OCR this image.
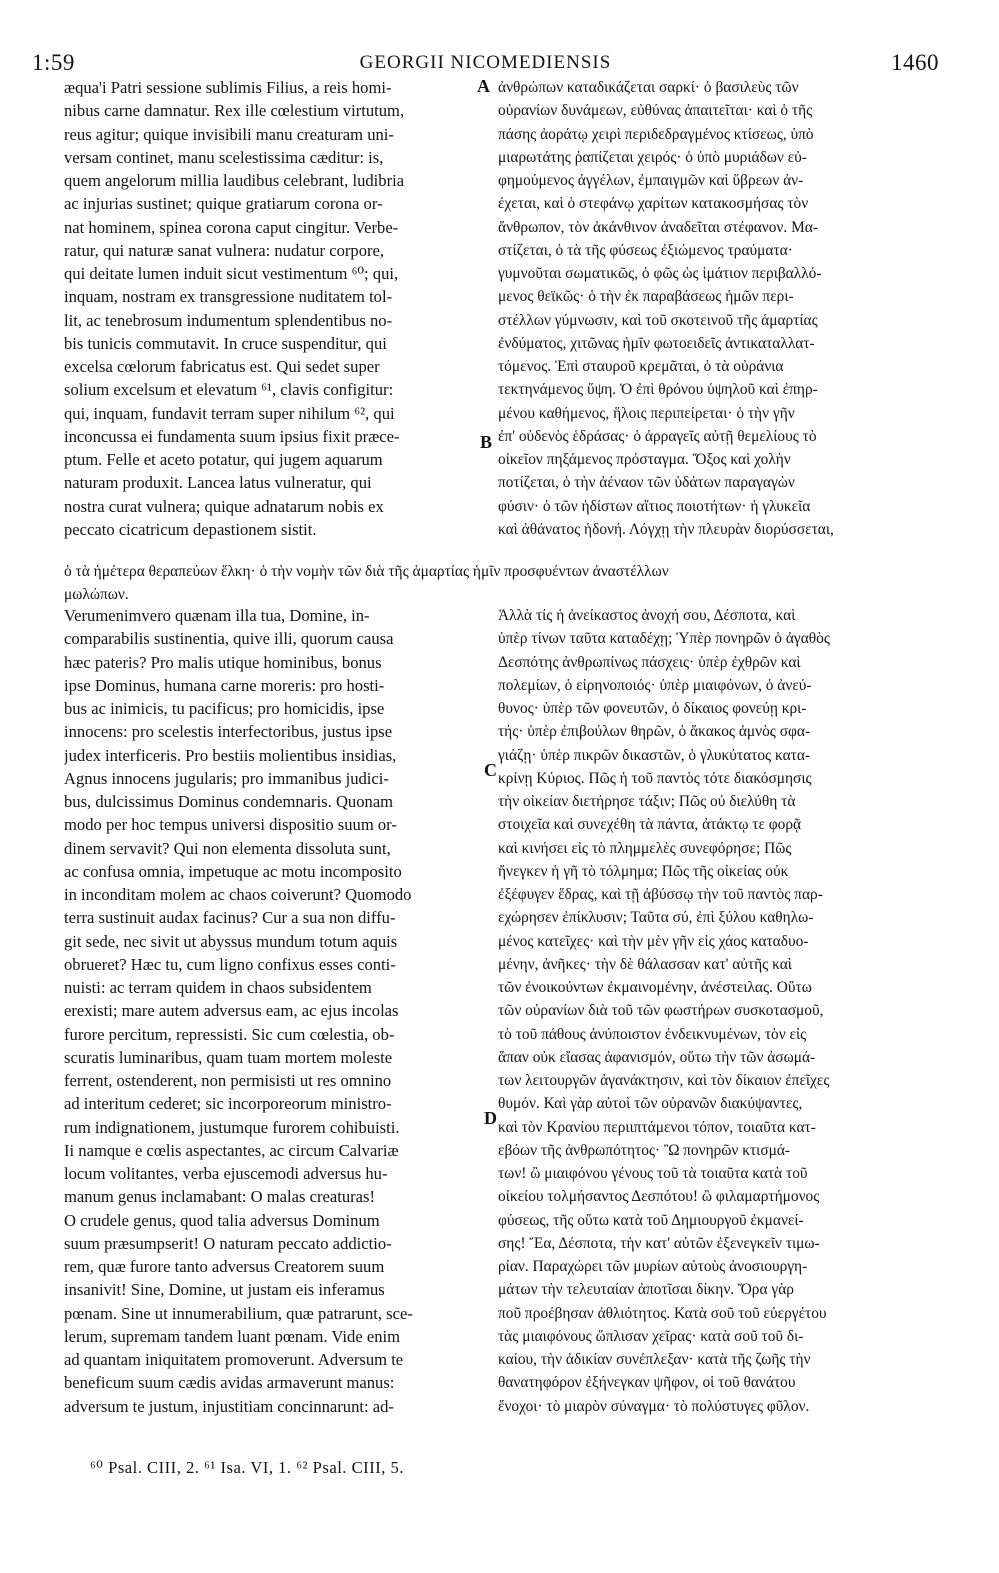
1:59	GEORGII NICOMEDIENSIS	1460
A
B
C
D
æqua'i Patri sessione sublimis Filius, a reis homi-
nibus carne damnatur. Rex ille cœlestium virtutum,
reus agitur; quique invisibili manu creaturam uni-
versam continet, manu scelestissima cæditur: is,
quem angelorum millia laudibus celebrant, ludibria
ac injurias sustinet; quique gratiarum corona or-
nat hominem, spinea corona caput cingitur. Verbe-
ratur, qui naturæ sanat vulnera: nudatur corpore,
qui deitate lumen induit sicut vestimentum ⁶⁰; qui,
inquam, nostram ex transgressione nuditatem tol-
lit, ac tenebrosum indumentum splendentibus no-
bis tunicis commutavit. In cruce suspenditur, qui
excelsa cœlorum fabricatus est. Qui sedet super
solium excelsum et elevatum ⁶¹, clavis configitur:
qui, inquam, fundavit terram super nihilum ⁶², qui
inconcussa ei fundamenta suum ipsius fixit præce-
ptum. Felle et aceto potatur, qui jugem aquarum
naturam produxit. Lancea latus vulneratur, qui
nostra curat vulnera; quique adnatarum nobis ex
peccato cicatricum depastionem sistit.
ἀνθρώπων καταδικάζεται σαρκί· ὁ βασιλεὺς τῶν
οὐρανίων δυνάμεων, εὐθύνας ἀπαιτεῖται· καὶ ὁ τῆς
πάσης ἀοράτῳ χειρὶ περιδεδραγμένος κτίσεως, ὑπὸ
μιαρωτάτης ῥαπίζεται χειρός· ὁ ὑπὸ μυριάδων εὐ-
φημούμενος ἀγγέλων, ἐμπαιγμῶν καὶ ὕβρεων ἀν-
έχεται, καὶ ὁ στεφάνῳ χαρίτων κατακοσμήσας τὸν
ἄνθρωπον, τὸν ἀκάνθινον ἀναδεῖται στέφανον. Μα-
στίζεται, ὁ τὰ τῆς φύσεως ἐξιώμενος τραύματα·
γυμνοῦται σωματικῶς, ὁ φῶς ὡς ἱμάτιον περιβαλλό-
μενος θεϊκῶς· ὁ τὴν ἐκ παραβάσεως ἡμῶν περι-
στέλλων γύμνωσιν, καὶ τοῦ σκοτεινοῦ τῆς ἁμαρτίας
ἐνδύματος, χιτῶνας ἡμῖν φωτοειδεῖς ἀντικαταλλατ-
τόμενος. Ἐπὶ σταυροῦ κρεμᾶται, ὁ τὰ οὐράνια
τεκτηνάμενος ὕψη. Ὁ ἐπὶ θρόνου ὑψηλοῦ καὶ ἐπηρ-
μένου καθήμενος, ἥλοις περιπείρεται· ὁ τὴν γῆν
ἐπ' οὐδενὸς ἑδράσας· ὁ ἀρραγεῖς αὐτῇ θεμελίους τὸ
οἰκεῖον πηξάμενος πρόσταγμα. Ὄξος καὶ χολὴν
ποτίζεται, ὁ τὴν ἀέναον τῶν ὑδάτων παραγαγὼν
φύσιν· ὁ τῶν ἡδίστων αἴτιος ποιοτήτων· ἡ γλυκεῖα
καὶ ἀθάνατος ἡδονή. Λόγχῃ τὴν πλευρὰν διορύσσεται,
ὁ τὰ ἡμέτερα θεραπεύων ἕλκη· ὁ τὴν νομὴν τῶν διὰ τῆς ἁμαρτίας ἡμῖν προσφυέντων ἀναστέλλων
μωλώπων.
Verumenimvero quænam illa tua, Domine, in-
comparabilis sustinentia, quive illi, quorum causa
hæc pateris? Pro malis utique hominibus, bonus
ipse Dominus, humana carne moreris: pro hosti-
bus ac inimicis, tu pacificus; pro homicidis, ipse
innocens: pro scelestis interfectoribus, justus ipse
judex interficeris. Pro bestiis molientibus insidias,
Agnus innocens jugularis; pro immanibus judici-
bus, dulcissimus Dominus condemnaris. Quonam
modo per hoc tempus universi dispositio suum or-
dinem servavit? Qui non elementa dissoluta sunt,
ac confusa omnia, impetuque ac motu incomposito
in inconditam molem ac chaos coiverunt? Quomodo
terra sustinuit audax facinus? Cur a sua non diffu-
git sede, nec sivit ut abyssus mundum totum aquis
obrueret? Hæc tu, cum ligno confixus esses conti-
nuisti: ac terram quidem in chaos subsidentem
erexisti; mare autem adversus eam, ac ejus incolas
furore percitum, repressisti. Sic cum cœlestia, ob-
scuratis luminaribus, quam tuam mortem moleste
ferrent, ostenderent, non permisisti ut res omnino
ad interitum cederet; sic incorporeorum ministro-
rum indignationem, justumque furorem cohibuisti.
Ii namque e cœlis aspectantes, ac circum Calvariæ
locum volitantes, verba ejuscemodi adversus hu-
manum genus inclamabant: O malas creaturas!
O crudele genus, quod talia adversus Dominum
suum præsumpserit! O naturam peccato addictio-
rem, quæ furore tanto adversus Creatorem suum
insanivit! Sine, Domine, ut justam eis inferamus
pœnam. Sine ut innumerabilium, quæ patrarunt, sce-
lerum, supremam tandem luant pœnam. Vide enim
ad quantam iniquitatem promoverunt. Adversum te
beneficum suum cædis avidas armaverunt manus:
adversum te justum, injustitiam concinnarunt: ad-
Ἀλλὰ τίς ἡ ἀνείκαστος ἀνοχή σου, Δέσποτα, καὶ
ὑπὲρ τίνων ταῦτα καταδέχῃ; Ὑπὲρ πονηρῶν ὁ ἀγαθὸς
Δεσπότης ἀνθρωπίνως πάσχεις· ὑπὲρ ἐχθρῶν καὶ
πολεμίων, ὁ εἰρηνοποιός· ὑπὲρ μιαιφόνων, ὁ ἀνεύ-
θυνος· ὑπὲρ τῶν φονευτῶν, ὁ δίκαιος φονεύῃ κρι-
τής· ὑπὲρ ἐπιβούλων θηρῶν, ὁ ἄκακος ἀμνὸς σφα-
γιάζῃ· ὑπὲρ πικρῶν δικαστῶν, ὁ γλυκύτατος κατα-
κρίνῃ Κύριος. Πῶς ἡ τοῦ παντὸς τότε διακόσμησις
τὴν οἰκείαν διετήρησε τάξιν; Πῶς οὐ διελύθη τὰ
στοιχεῖα καὶ συνεχέθη τὰ πάντα, ἀτάκτῳ τε φορᾷ
καὶ κινήσει εἰς τὸ πλημμελὲς συνεφόρησε; Πῶς
ἤνεγκεν ἡ γῆ τὸ τόλμημα; Πῶς τῆς οἰκείας οὐκ
ἐξέφυγεν ἕδρας, καὶ τῇ ἀβύσσῳ τὴν τοῦ παντὸς παρ-
εχώρησεν ἐπίκλυσιν; Ταῦτα σύ, ἐπὶ ξύλου καθηλω-
μένος κατεῖχες· καὶ τὴν μὲν γῆν εἰς χάος καταδυο-
μένην, ἀνῆκες· τὴν δὲ θάλασσαν κατ' αὐτῆς καὶ
τῶν ἐνοικούντων ἐκμαινομένην, ἀνέστειλας. Οὕτω
τῶν οὐρανίων διὰ τοῦ τῶν φωστήρων συσκοτασμοῦ,
τὸ τοῦ πάθους ἀνύποιστον ἐνδεικνυμένων, τὸν εἰς
ἅπαν οὐκ εἴασας ἀφανισμόν, οὕτω τὴν τῶν ἀσωμά-
των λειτουργῶν ἀγανάκτησιν, καὶ τὸν δίκαιον ἐπεῖχες
θυμόν. Καὶ γὰρ αὐτοὶ τῶν οὐρανῶν διακύψαντες,
καὶ τὸν Κρανίου περιιπτάμενοι τόπον, τοιαῦτα κατ-
εβόων τῆς ἀνθρωπότητος· Ὢ πονηρῶν κτισμά-
των! ὢ μιαιφόνου γένους τοῦ τὰ τοιαῦτα κατὰ τοῦ
οἰκείου τολμήσαντος Δεσπότου! ὢ φιλαμαρτήμονος
φύσεως, τῆς οὕτω κατὰ τοῦ Δημιουργοῦ ἐκμανεί-
σης! Ἔα, Δέσποτα, τὴν κατ' αὐτῶν ἐξενεγκεῖν τιμω-
ρίαν. Παραχώρει τῶν μυρίων αὐτοὺς ἀνοσιουργη-
μάτων τὴν τελευταίαν ἀποτῖσαι δίκην. Ὅρα γὰρ
ποῦ προέβησαν ἀθλιότητος. Κατὰ σοῦ τοῦ εὐεργέτου
τὰς μιαιφόνους ὥπλισαν χεῖρας· κατὰ σοῦ τοῦ δι-
καίου, τὴν ἀδικίαν συνέπλεξαν· κατὰ τῆς ζωῆς τὴν
θανατηφόρον ἐξήνεγκαν ψῆφον, οἱ τοῦ θανάτου
ἔνοχοι· τὸ μιαρὸν σύναγμα· τὸ πολύστυγες φῦλον.
⁶⁰ Psal. CIII, 2. ⁶¹ Isa. VI, 1. ⁶² Psal. CIII, 5.
